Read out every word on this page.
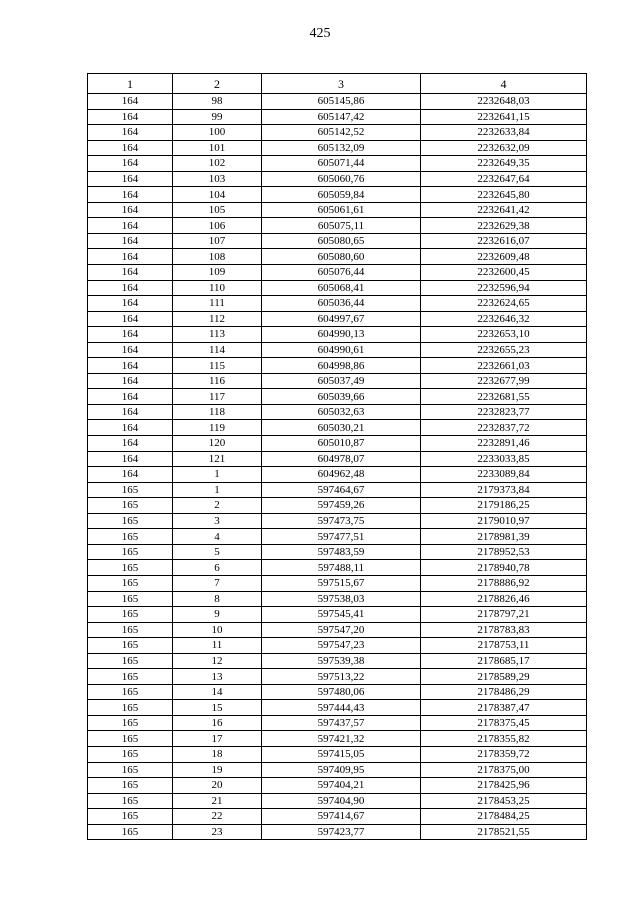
425
1	2	3	4
164	98	605145,86	2232648,03
164	99	605147,42	2232641,15
164	100	605142,52	2232633,84
164	101	605132,09	2232632,09
164	102	605071,44	2232649,35
164	103	605060,76	2232647,64
164	104	605059,84	2232645,80
164	105	605061,61	2232641,42
164	106	605075,11	2232629,38
164	107	605080,65	2232616,07
164	108	605080,60	2232609,48
164	109	605076,44	2232600,45
164	110	605068,41	2232596,94
164	111	605036,44	2232624,65
164	112	604997,67	2232646,32
164	113	604990,13	2232653,10
164	114	604990,61	2232655,23
164	115	604998,86	2232661,03
164	116	605037,49	2232677,99
164	117	605039,66	2232681,55
164	118	605032,63	2232823,77
164	119	605030,21	2232837,72
164	120	605010,87	2232891,46
164	121	604978,07	2233033,85
164	1	604962,48	2233089,84
165	1	597464,67	2179373,84
165	2	597459,26	2179186,25
165	3	597473,75	2179010,97
165	4	597477,51	2178981,39
165	5	597483,59	2178952,53
165	6	597488,11	2178940,78
165	7	597515,67	2178886,92
165	8	597538,03	2178826,46
165	9	597545,41	2178797,21
165	10	597547,20	2178783,83
165	11	597547,23	2178753,11
165	12	597539,38	2178685,17
165	13	597513,22	2178589,29
165	14	597480,06	2178486,29
165	15	597444,43	2178387,47
165	16	597437,57	2178375,45
165	17	597421,32	2178355,82
165	18	597415,05	2178359,72
165	19	597409,95	2178375,00
165	20	597404,21	2178425,96
165	21	597404,90	2178453,25
165	22	597414,67	2178484,25
165	23	597423,77	2178521,55
